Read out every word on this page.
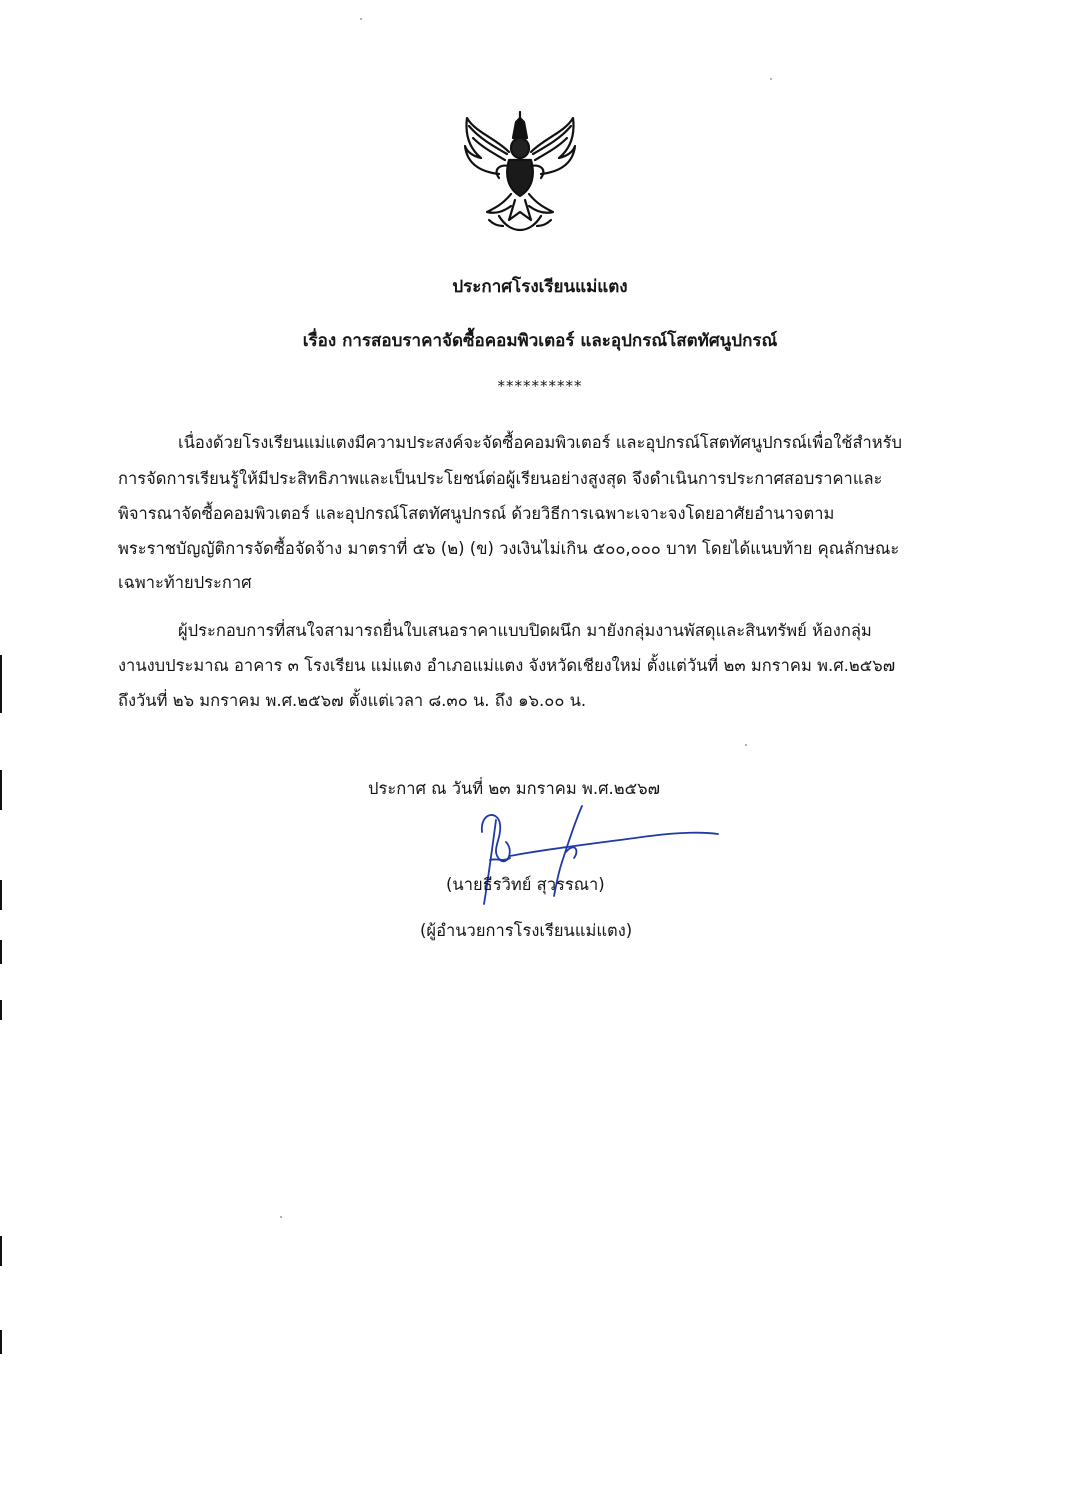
ประกาศโรงเรียนแม่แตง
เรื่อง การสอบราคาจัดซื้อคอมพิวเตอร์ และอุปกรณ์โสตทัศนูปกรณ์
**********
เนื่องด้วยโรงเรียนแม่แตงมีความประสงค์จะจัดซื้อคอมพิวเตอร์ และอุปกรณ์โสตทัศนูปกรณ์เพื่อใช้สำหรับ
การจัดการเรียนรู้ให้มีประสิทธิภาพและเป็นประโยชน์ต่อผู้เรียนอย่างสูงสุด จึงดำเนินการประกาศสอบราคาและ
พิจารณาจัดซื้อคอมพิวเตอร์ และอุปกรณ์โสตทัศนูปกรณ์ ด้วยวิธีการเฉพาะเจาะจงโดยอาศัยอำนาจตาม
พระราชบัญญัติการจัดซื้อจัดจ้าง มาตราที่ ๕๖ (๒) (ข) วงเงินไม่เกิน ๕๐๐,๐๐๐ บาท โดยได้แนบท้าย คุณลักษณะ
เฉพาะท้ายประกาศ
ผู้ประกอบการที่สนใจสามารถยื่นใบเสนอราคาแบบปิดผนึก มายังกลุ่มงานพัสดุและสินทรัพย์ ห้องกลุ่ม
งานงบประมาณ อาคาร ๓ โรงเรียน แม่แตง อำเภอแม่แตง จังหวัดเชียงใหม่ ตั้งแต่วันที่ ๒๓ มกราคม พ.ศ.๒๕๖๗
ถึงวันที่ ๒๖ มกราคม พ.ศ.๒๕๖๗ ตั้งแต่เวลา ๘.๓๐ น. ถึง ๑๖.๐๐ น.
ประกาศ ณ วันที่ ๒๓ มกราคม พ.ศ.๒๕๖๗
(นายธีรวิทย์ สุวรรณา)
(ผู้อำนวยการโรงเรียนแม่แตง)
